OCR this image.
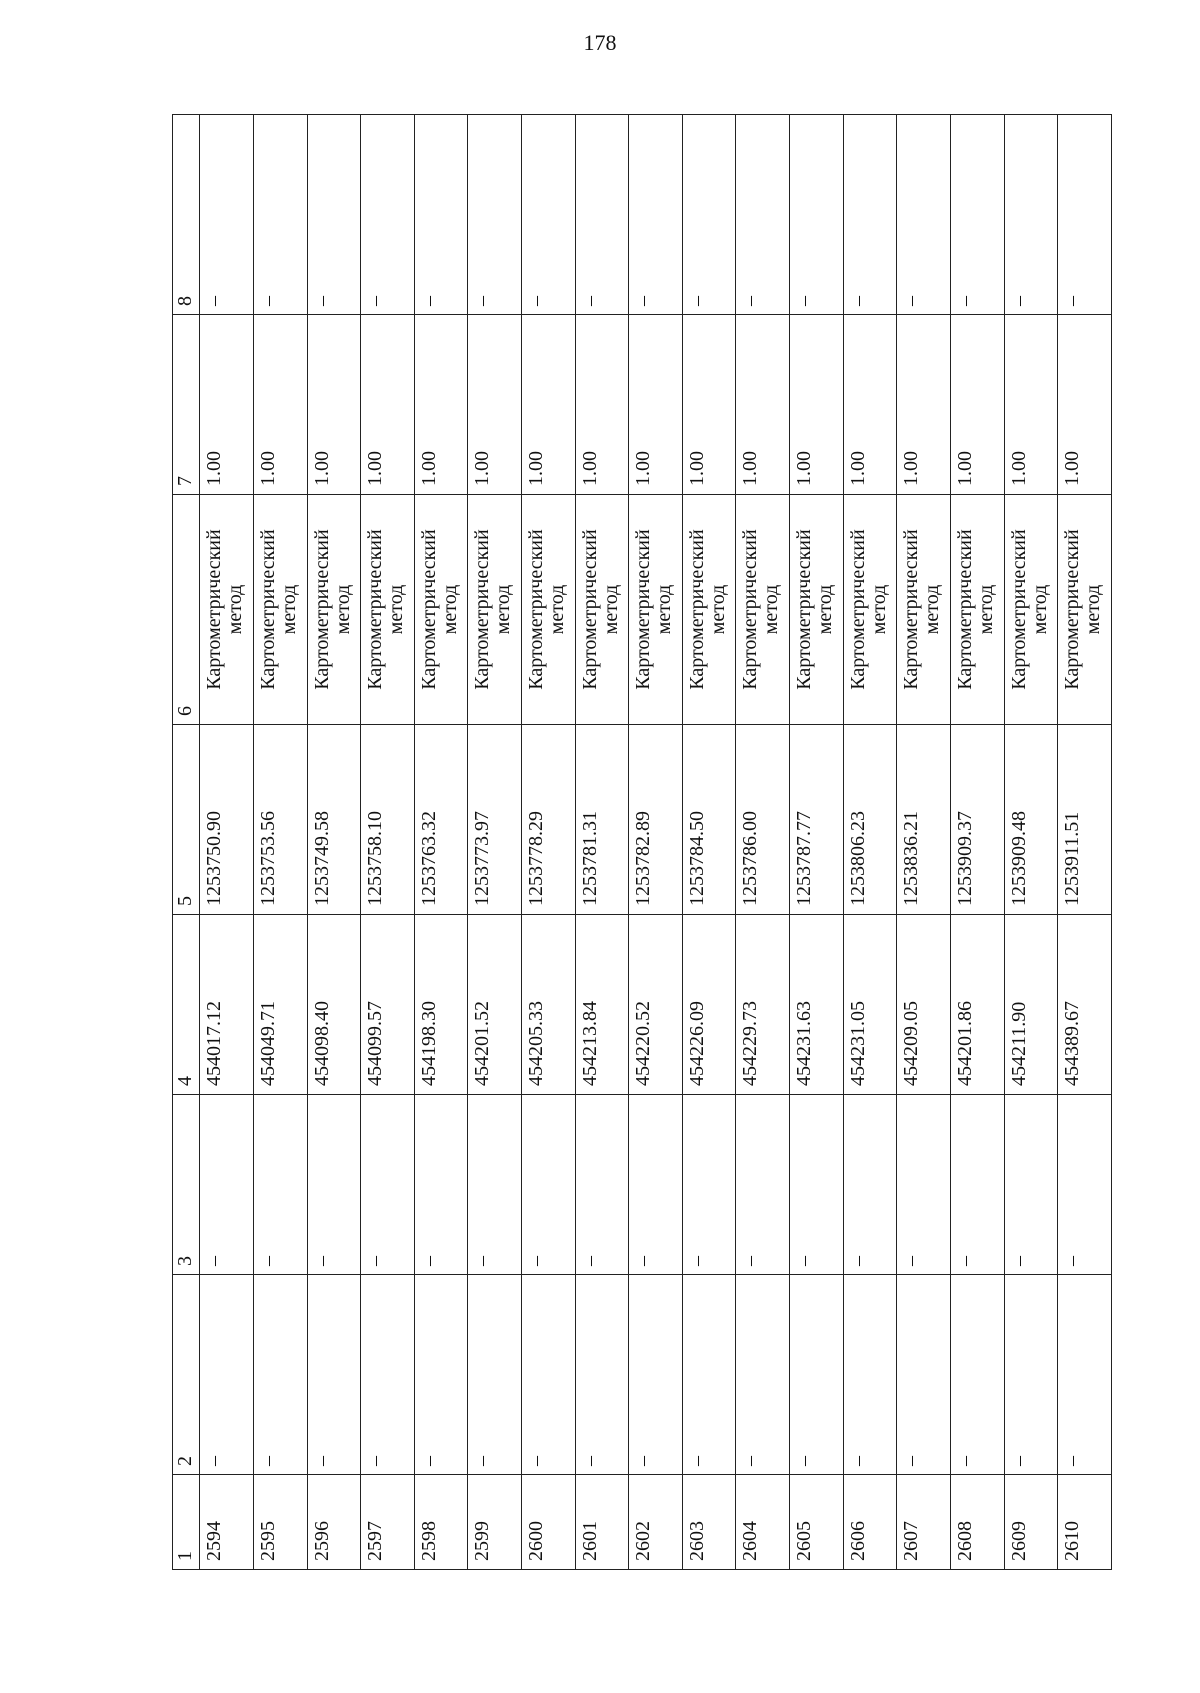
178
1	2	3	4	5	6	7	8
2594	–	–	454017.12	1253750.90	Картометрический метод	1.00	–
2595	–	–	454049.71	1253753.56	Картометрический метод	1.00	–
2596	–	–	454098.40	1253749.58	Картометрический метод	1.00	–
2597	–	–	454099.57	1253758.10	Картометрический метод	1.00	–
2598	–	–	454198.30	1253763.32	Картометрический метод	1.00	–
2599	–	–	454201.52	1253773.97	Картометрический метод	1.00	–
2600	–	–	454205.33	1253778.29	Картометрический метод	1.00	–
2601	–	–	454213.84	1253781.31	Картометрический метод	1.00	–
2602	–	–	454220.52	1253782.89	Картометрический метод	1.00	–
2603	–	–	454226.09	1253784.50	Картометрический метод	1.00	–
2604	–	–	454229.73	1253786.00	Картометрический метод	1.00	–
2605	–	–	454231.63	1253787.77	Картометрический метод	1.00	–
2606	–	–	454231.05	1253806.23	Картометрический метод	1.00	–
2607	–	–	454209.05	1253836.21	Картометрический метод	1.00	–
2608	–	–	454201.86	1253909.37	Картометрический метод	1.00	–
2609	–	–	454211.90	1253909.48	Картометрический метод	1.00	–
2610	–	–	454389.67	1253911.51	Картометрический метод	1.00	–
